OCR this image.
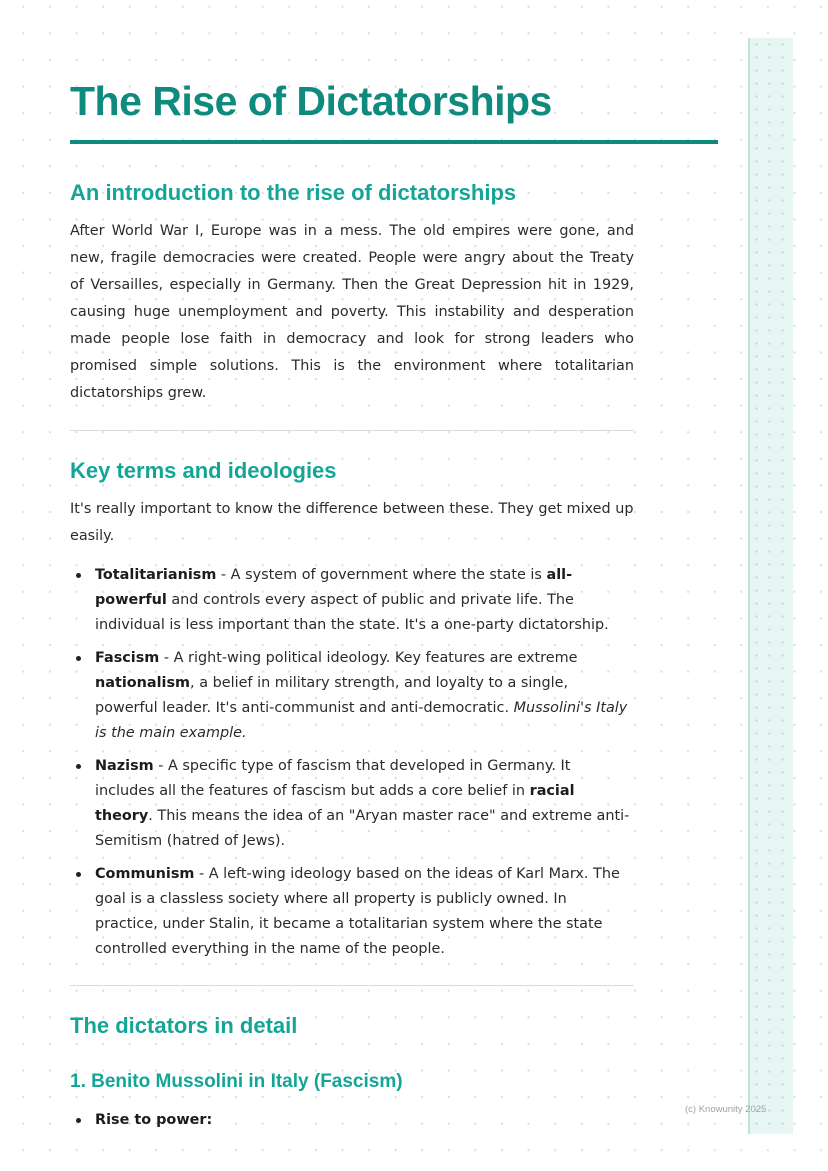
The Rise of Dictatorships
An introduction to the rise of dictatorships

After World War I, Europe was in a mess. The old empires were gone, and new, fragile democracies were created. People were angry about the Treaty of Versailles, especially in Germany. Then the Great Depression hit in 1929, causing huge unemployment and poverty. This instability and desperation made people lose faith in democracy and look for strong leaders who promised simple solutions. This is the environment where totalitarian dictatorships grew.

Key terms and ideologies

It's really important to know the difference between these. They get mixed up easily.

Totalitarianism - A system of government where the state is all-powerful and controls every aspect of public and private life. The individual is less important than the state. It's a one-party dictatorship.
Fascism - A right-wing political ideology. Key features are extreme nationalism, a belief in military strength, and loyalty to a single, powerful leader. It's anti-communist and anti-democratic. Mussolini's Italy is the main example.
Nazism - A specific type of fascism that developed in Germany. It includes all the features of fascism but adds a core belief in racial theory. This means the idea of an "Aryan master race" and extreme anti-Semitism (hatred of Jews).
Communism - A left-wing ideology based on the ideas of Karl Marx. The goal is a classless society where all property is publicly owned. In practice, under Stalin, it became a totalitarian system where the state controlled everything in the name of the people.
The dictators in detail
1. Benito Mussolini in Italy (Fascism)
Rise to power:
(c) Knowunity 2025
